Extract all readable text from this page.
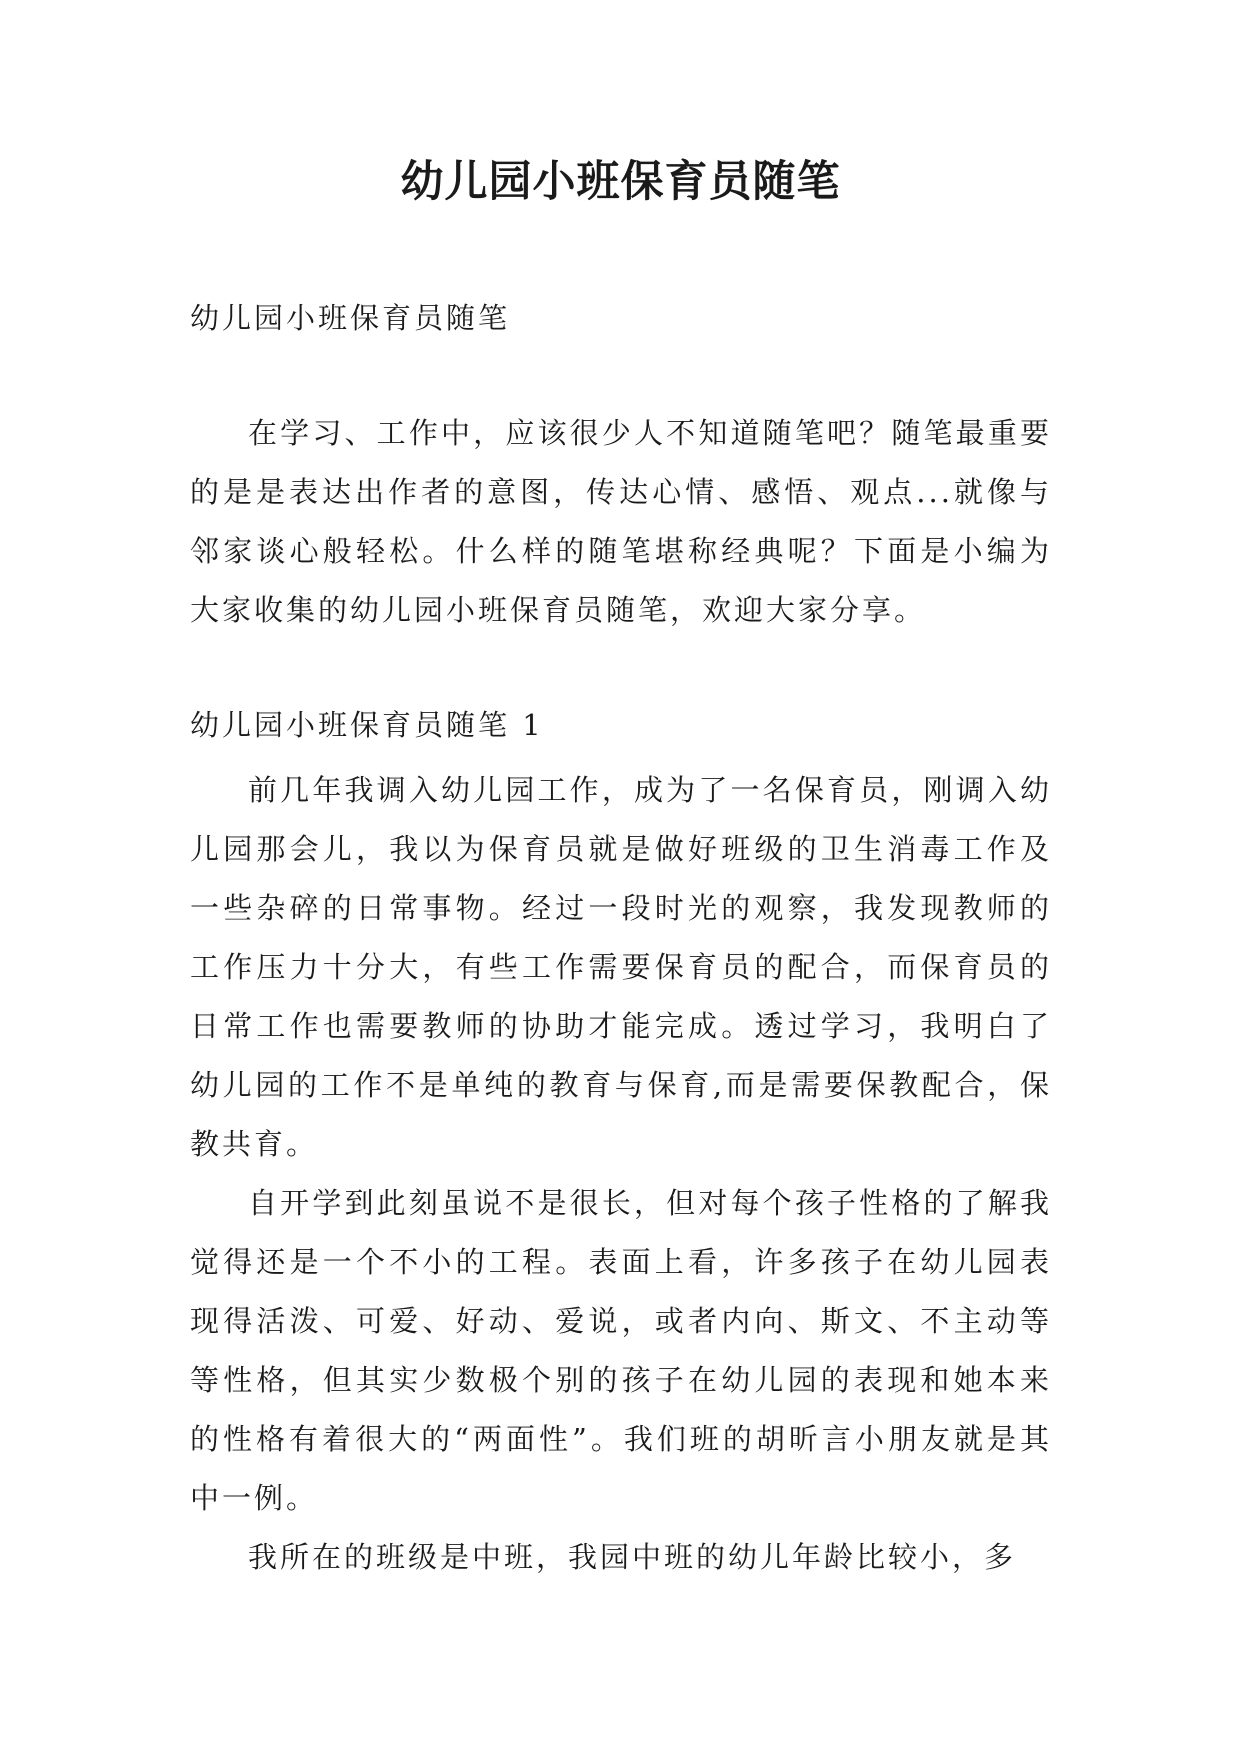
幼儿园小班保育员随笔
幼儿园小班保育员随笔

在学习、工作中，应该很少人不知道随笔吧？随笔最重要的是是表达出作者的意图，传达心情、感悟、观点...就像与邻家谈心般轻松。什么样的随笔堪称经典呢？下面是小编为大家收集的幼儿园小班保育员随笔，欢迎大家分享。

幼儿园小班保育员随笔 1

前几年我调入幼儿园工作，成为了一名保育员，刚调入幼儿园那会儿，我以为保育员就是做好班级的卫生消毒工作及一些杂碎的日常事物。经过一段时光的观察，我发现教师的工作压力十分大，有些工作需要保育员的配合，而保育员的日常工作也需要教师的协助才能完成。透过学习，我明白了幼儿园的工作不是单纯的教育与保育,而是需要保教配合，保教共育。

自开学到此刻虽说不是很长，但对每个孩子性格的了解我觉得还是一个不小的工程。表面上看，许多孩子在幼儿园表现得活泼、可爱、好动、爱说，或者内向、斯文、不主动等等性格，但其实少数极个别的孩子在幼儿园的表现和她本来的性格有着很大的“两面性”。我们班的胡昕言小朋友就是其中一例。

我所在的班级是中班，我园中班的幼儿年龄比较小，多
